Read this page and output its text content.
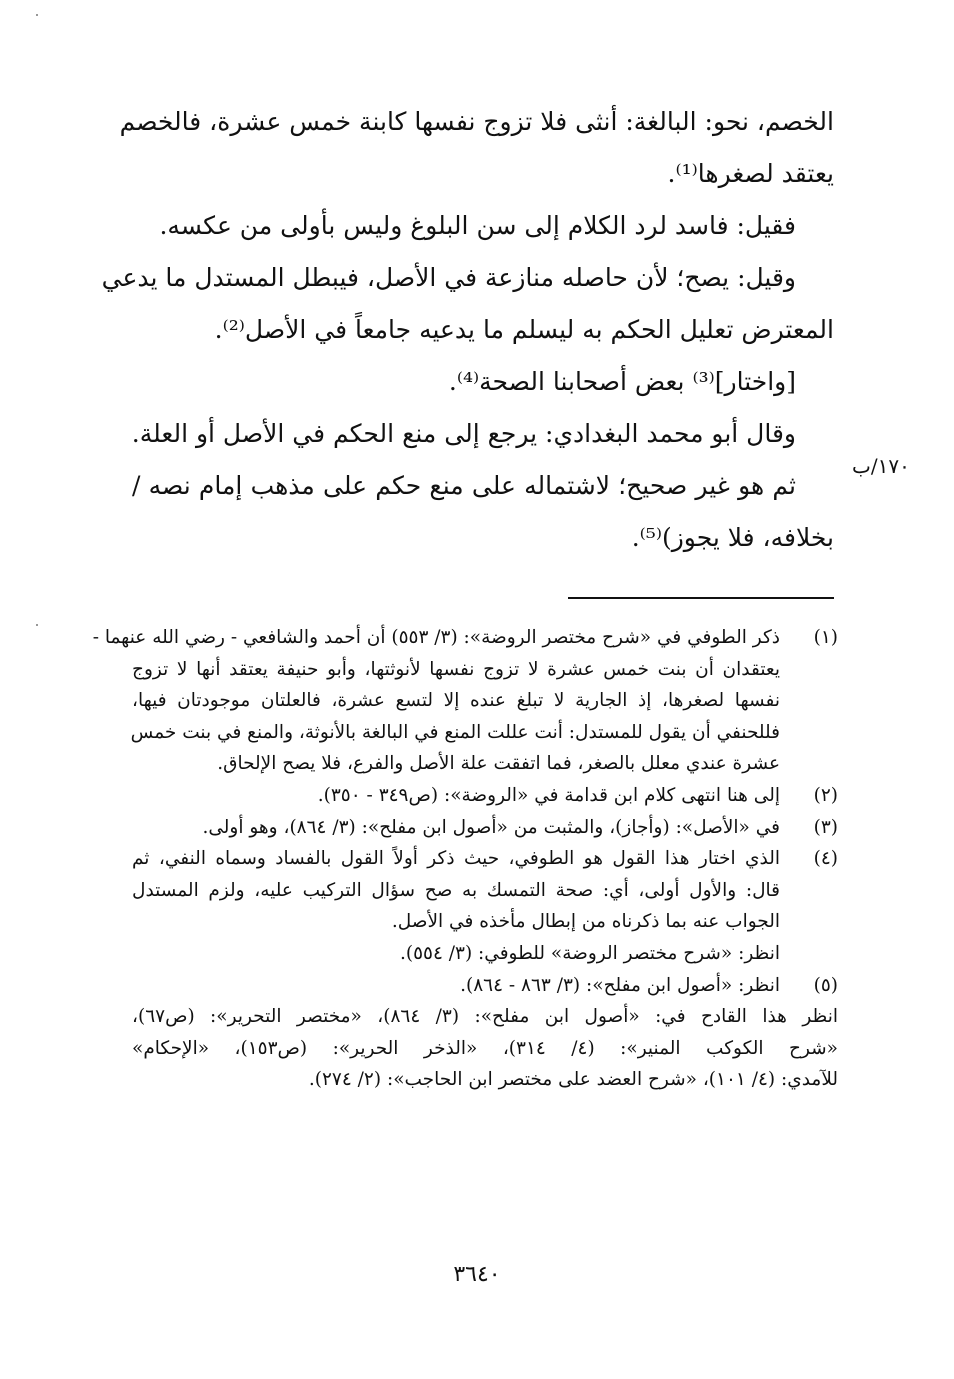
الخصم، نحو: البالغة: أنثى فلا تزوج نفسها كابنة خمس عشرة، فالخصم
يعتقد لصغرها⁽¹⁾.
فقيل: فاسد لرد الكلام إلى سن البلوغ وليس بأولى من عكسه.
وقيل: يصح؛ لأن حاصله منازعة في الأصل، فيبطل المستدل ما يدعي
المعترض تعليل الحكم به ليسلم ما يدعيه جامعاً في الأصل⁽²⁾.
[واختار]⁽³⁾ بعض أصحابنا الصحة⁽⁴⁾.
وقال أبو محمد البغدادي: يرجع إلى منع الحكم في الأصل أو العلة.
ثم هو غير صحيح؛ لاشتماله على منع حكم على مذهب إمام نصه /
بخلافه، فلا يجوز)⁽⁵⁾.
١٧٠/ب
(١)
ذكر الطوفي في «شرح مختصر الروضة»: (٣/ ٥٥٣) أن أحمد والشافعي - رضي الله عنهما -
يعتقدان أن بنت خمس عشرة لا تزوج نفسها لأنوثتها، وأبو حنيفة يعتقد أنها لا تزوج
نفسها لصغرها، إذ الجارية لا تبلغ عنده إلا لتسع عشرة، فالعلتان موجودتان فيها،
فللحنفي أن يقول للمستدل: أنت عللت المنع في البالغة بالأنوثة، والمنع في بنت خمس
عشرة عندي معلل بالصغر، فما اتفقت علة الأصل والفرع، فلا يصح الإلحاق.
(٢)
إلى هنا انتهى كلام ابن قدامة في «الروضة»: (ص٣٤٩ - ٣٥٠).
(٣)
في «الأصل»: (وأجاز)، والمثبت من «أصول ابن مفلح»: (٣/ ٨٦٤)، وهو أولى.
(٤)
الذي اختار هذا القول هو الطوفي، حيث ذكر أولاً القول بالفساد وسماه النفي، ثم
قال: والأول أولى، أي: صحة التمسك به صح سؤال التركيب عليه، ولزم المستدل
الجواب عنه بما ذكرناه من إبطال مأخذه في الأصل.
انظر: «شرح مختصر الروضة» للطوفي: (٣/ ٥٥٤).
(٥)
انظر: «أصول ابن مفلح»: (٣/ ٨٦٣ - ٨٦٤).
انظر هذا القادح في: «أصول ابن مفلح»: (٣/ ٨٦٤)، «مختصر التحرير»: (ص٦٧)،
«شرح الكوكب المنير»: (٤/ ٣١٤)، «الذخر الحرير»: (ص١٥٣)، «الإحكام»
للآمدي: (٤/ ١٠١)، «شرح العضد على مختصر ابن الحاجب»: (٢/ ٢٧٤).
٣٦٤٠
